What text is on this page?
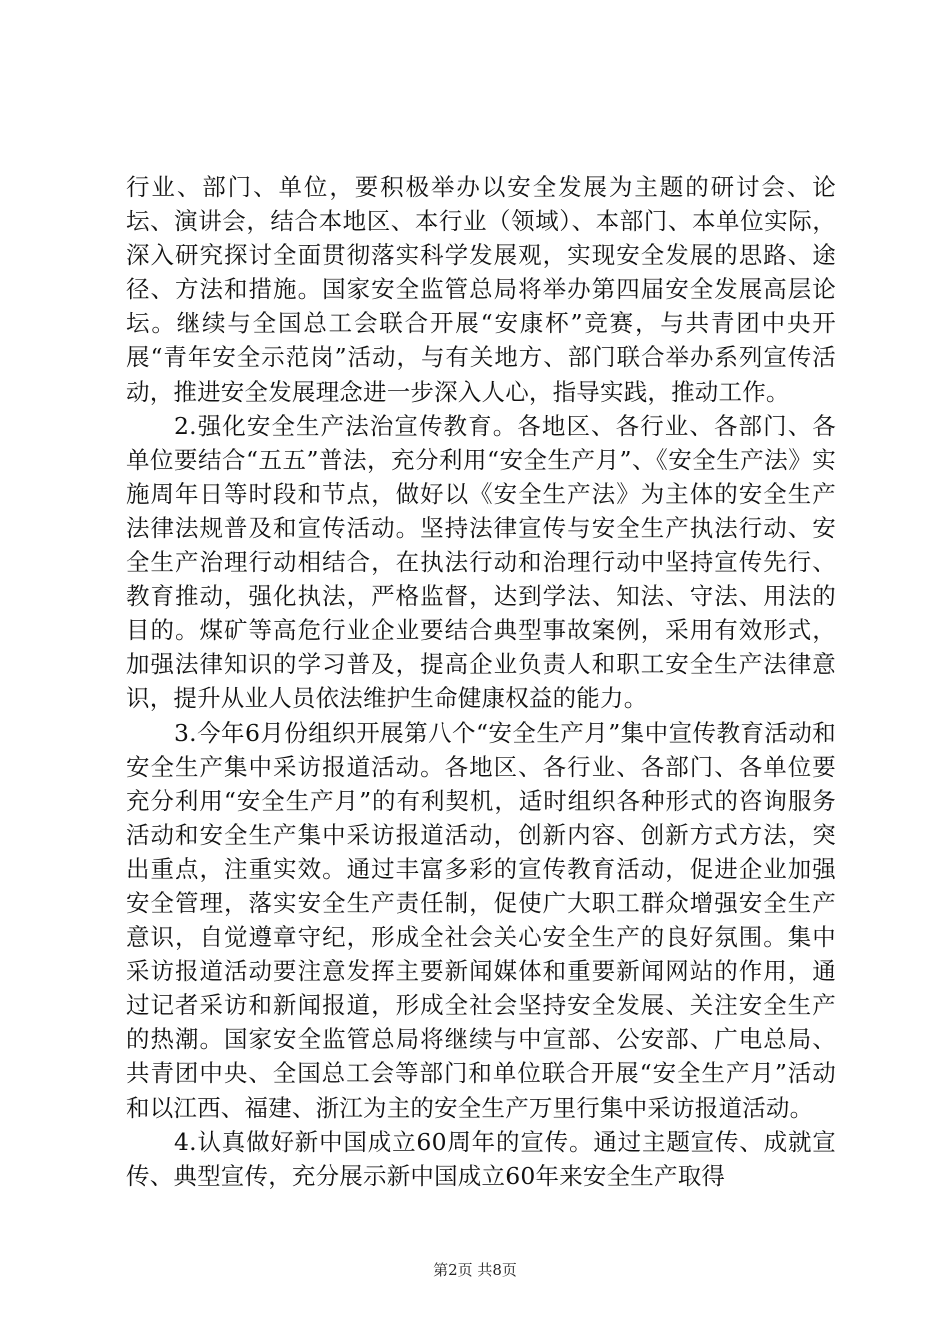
行业、部门、单位，要积极举办以安全发展为主题的研讨会、论坛、演讲会，结合本地区、本行业（领域）、本部门、本单位实际，深入研究探讨全面贯彻落实科学发展观，实现安全发展的思路、途径、方法和措施。国家安全监管总局将举办第四届安全发展高层论坛。继续与全国总工会联合开展“安康杯”竞赛，与共青团中央开展“青年安全示范岗”活动，与有关地方、部门联合举办系列宣传活动，推进安全发展理念进一步深入人心，指导实践，推动工作。

2.强化安全生产法治宣传教育。各地区、各行业、各部门、各单位要结合“五五”普法，充分利用“安全生产月”、《安全生产法》实施周年日等时段和节点，做好以《安全生产法》为主体的安全生产法律法规普及和宣传活动。坚持法律宣传与安全生产执法行动、安全生产治理行动相结合，在执法行动和治理行动中坚持宣传先行、教育推动，强化执法，严格监督，达到学法、知法、守法、用法的目的。煤矿等高危行业企业要结合典型事故案例，采用有效形式，加强法律知识的学习普及，提高企业负责人和职工安全生产法律意识，提升从业人员依法维护生命健康权益的能力。

3.今年6月份组织开展第八个“安全生产月”集中宣传教育活动和安全生产集中采访报道活动。各地区、各行业、各部门、各单位要充分利用“安全生产月”的有利契机，适时组织各种形式的咨询服务活动和安全生产集中采访报道活动，创新内容、创新方式方法，突出重点，注重实效。通过丰富多彩的宣传教育活动，促进企业加强安全管理，落实安全生产责任制，促使广大职工群众增强安全生产意识，自觉遵章守纪，形成全社会关心安全生产的良好氛围。集中采访报道活动要注意发挥主要新闻媒体和重要新闻网站的作用，通过记者采访和新闻报道，形成全社会坚持安全发展、关注安全生产的热潮。国家安全监管总局将继续与中宣部、公安部、广电总局、共青团中央、全国总工会等部门和单位联合开展“安全生产月”活动和以江西、福建、浙江为主的安全生产万里行集中采访报道活动。

4.认真做好新中国成立60周年的宣传。通过主题宣传、成就宣传、典型宣传，充分展示新中国成立60年来安全生产取得

第2页 共8页
